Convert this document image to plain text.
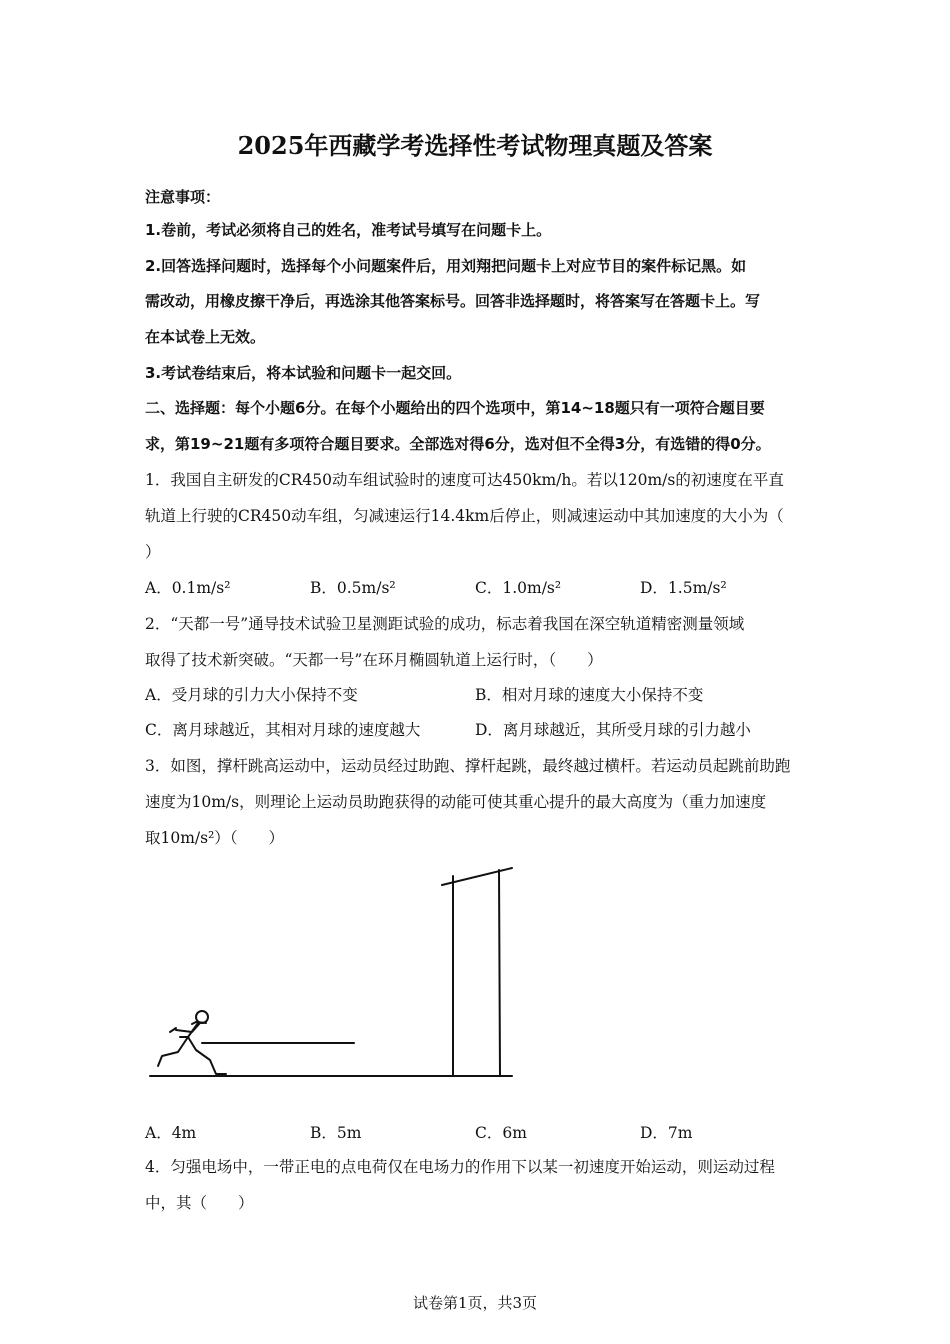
2025年西藏学考选择性考试物理真题及答案
注意事项：
1.卷前，考试必须将自己的姓名，准考试号填写在问题卡上。
2.回答选择问题时，选择每个小问题案件后，用刘翔把问题卡上对应节目的案件标记黑。如
需改动，用橡皮擦干净后，再选涂其他答案标号。回答非选择题时，将答案写在答题卡上。写
在本试卷上无效。
3.考试卷结束后，将本试验和问题卡一起交回。
二、选择题：每个小题6分。在每个小题给出的四个选项中，第14~18题只有一项符合题目要
求，第19~21题有多项符合题目要求。全部选对得6分，选对但不全得3分，有选错的得0分。
1．我国自主研发的CR450动车组试验时的速度可达450km/h。若以120m/s的初速度在平直
轨道上行驶的CR450动车组，匀减速运行14.4km后停止，则减速运动中其加速度的大小为（
）
A．0.1m/s²	B．0.5m/s²	C．1.0m/s²	D．1.5m/s²
2．“天都一号”通导技术试验卫星测距试验的成功，标志着我国在深空轨道精密测量领域
取得了技术新突破。“天都一号”在环月椭圆轨道上运行时，（　　）
A．受月球的引力大小保持不变	B．相对月球的速度大小保持不变
C．离月球越近，其相对月球的速度越大	D．离月球越近，其所受月球的引力越小
3．如图，撑杆跳高运动中，运动员经过助跑、撑杆起跳，最终越过横杆。若运动员起跳前助跑
速度为10m/s，则理论上运动员助跑获得的动能可使其重心提升的最大高度为（重力加速度
取10m/s²）（　　）
A．4m	B．5m	C．6m	D．7m
4．匀强电场中，一带正电的点电荷仅在电场力的作用下以某一初速度开始运动，则运动过程
中，其（　　）
试卷第1页，共3页
